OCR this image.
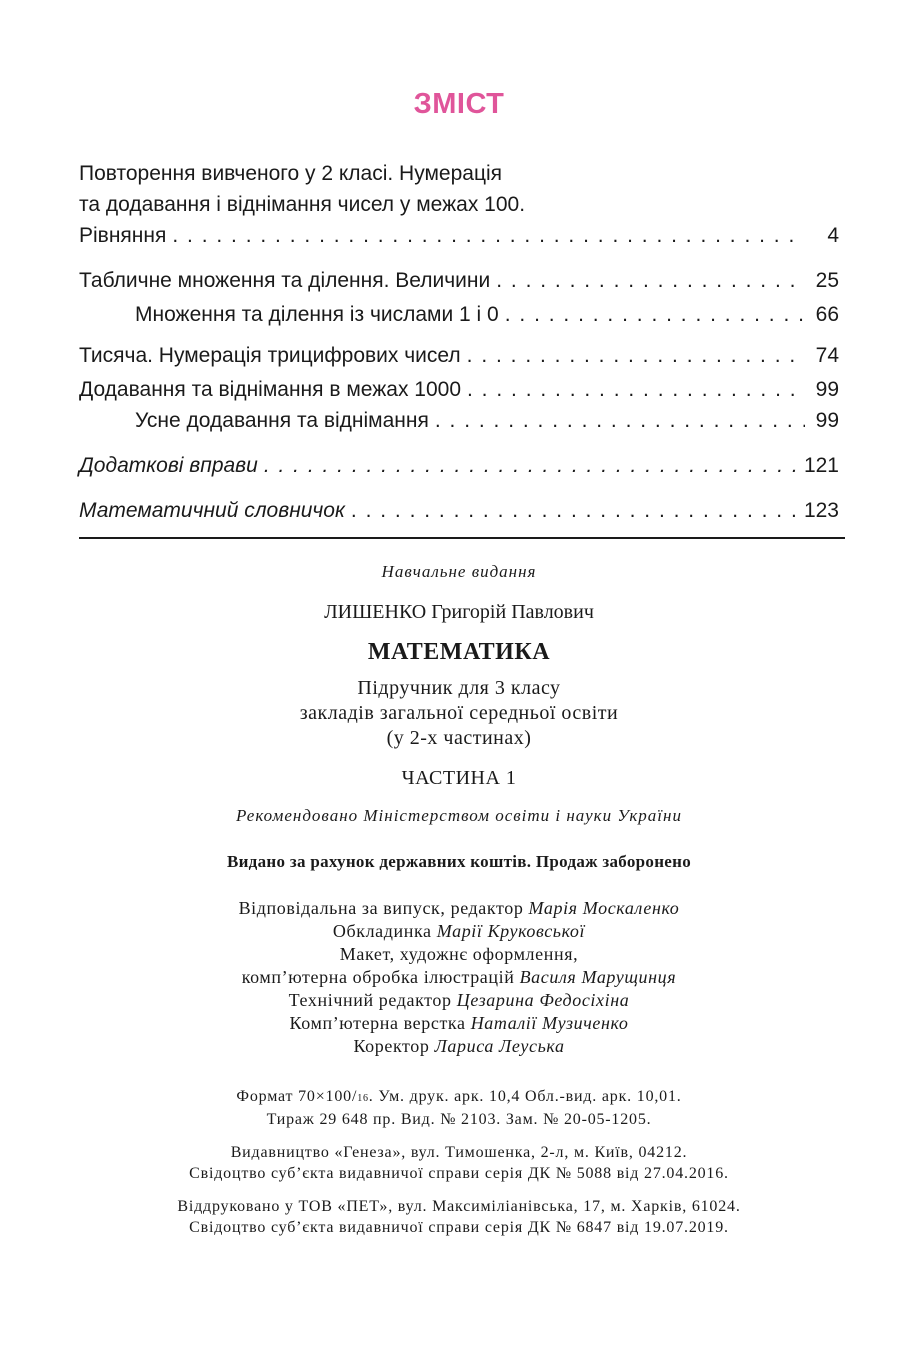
ЗМІСТ
Повторення вивченого у 2 класі. Нумерація
та додавання і віднімання чисел у межах 100.
Рівняння . . .	4
Табличне множення та ділення. Величини . . .	25
Множення та ділення із числами 1 і 0 . . .	66
Тисяча. Нумерація трицифрових чисел . . .	74
Додавання та віднімання в межах 1000 . . .	99
Усне додавання та віднімання . . .	99
Додаткові вправи . . .	121
Математичний словничок . . .	123

Навчальне видання

ЛИШЕНКО Григорій Павлович

МАТЕМАТИКА

Підручник для 3 класу
закладів загальної середньої освіти
(у 2-х частинах)

ЧАСТИНА 1

Рекомендовано Міністерством освіти і науки України

Видано за рахунок державних коштів. Продаж заборонено

Відповідальна за випуск, редактор Марія Москаленко
Обкладинка Марії Круковської
Макет, художнє оформлення,
комп’ютерна обробка ілюстрацій Василя Марущинця
Технічний редактор Цезарина Федосіхіна
Комп’ютерна верстка Наталії Музиченко
Коректор Лариса Леуська

Формат 70×100/16. Ум. друк. арк. 10,4 Обл.-вид. арк. 10,01.
Тираж 29 648 пр. Вид. № 2103. Зам. № 20-05-1205.

Видавництво «Генеза», вул. Тимошенка, 2-л, м. Київ, 04212.
Свідоцтво суб’єкта видавничої справи серія ДК № 5088 від 27.04.2016.

Віддруковано у ТОВ «ПЕТ», вул. Максиміліанівська, 17, м. Харків, 61024.
Свідоцтво суб’єкта видавничої справи серія ДК № 6847 від 19.07.2019.
